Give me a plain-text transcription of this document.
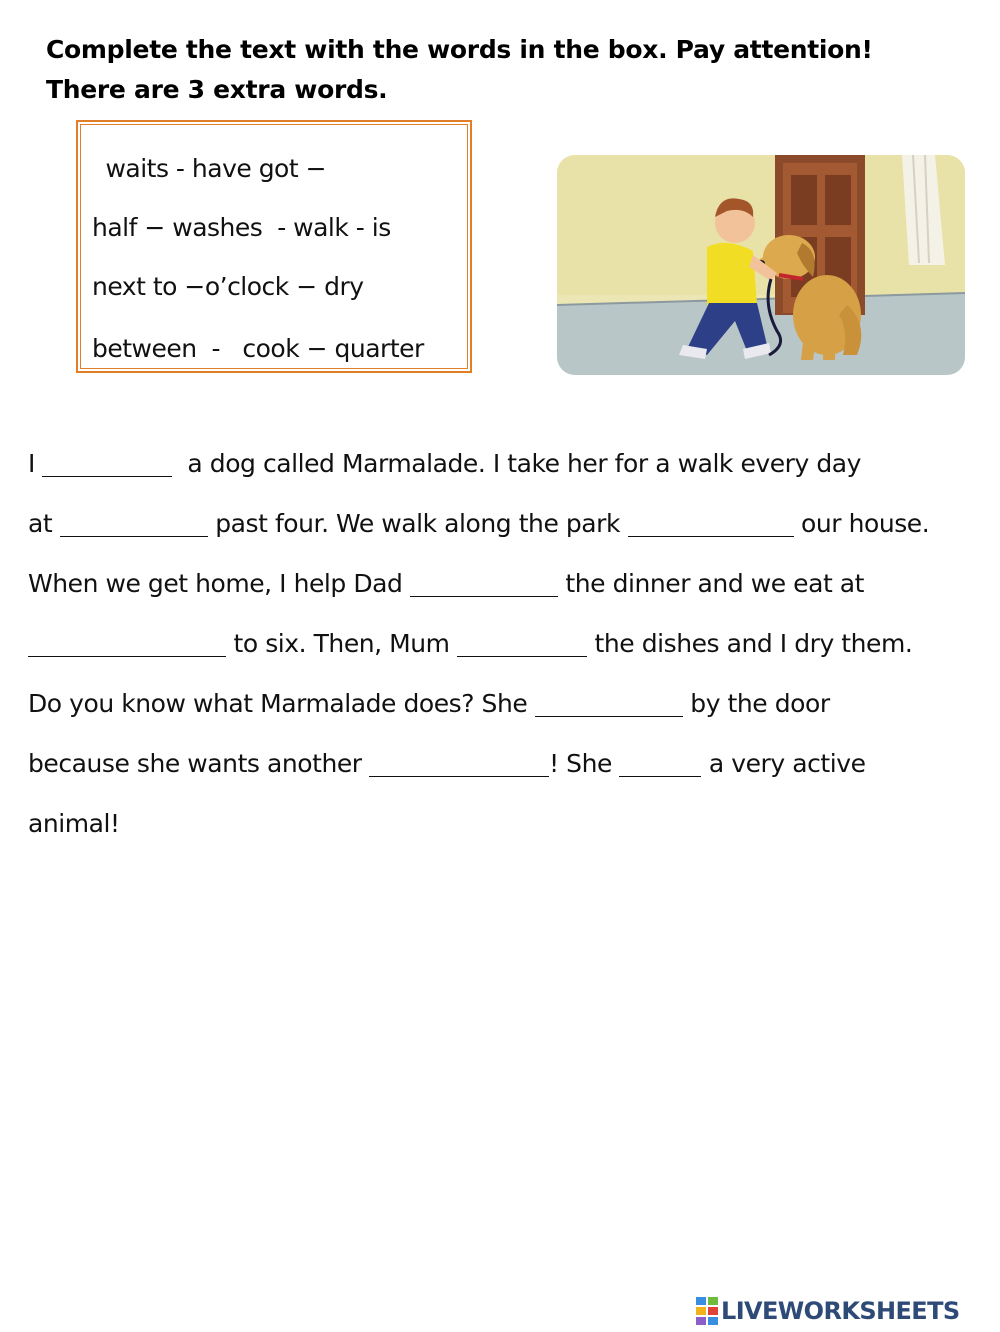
Complete the text with the words in the box. Pay attention!
There are 3 extra words.
waits - have got −
half − washes  - walk - is
next to −o’clock − dry
between  -   cook − quarter
I	a dog called Marmalade. I take her for a walk every day
at	past four. We walk along the park	our house.
When we get home, I help Dad	the dinner and we eat at
to six. Then, Mum	the dishes and I dry them.
Do you know what Marmalade does? She	by the door
because she wants another	! She	a very active
animal!
LIVEWORKSHEETS
